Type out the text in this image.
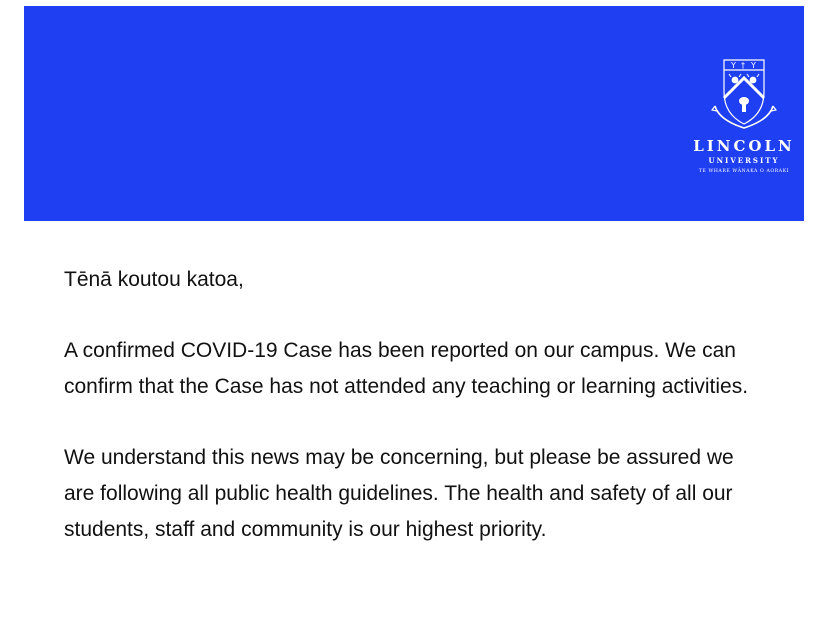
Y † Y
LINCOLN
UNIVERSITY
TE WHARE WĀNAKA O AORAKI

Tēnā koutou katoa,

A confirmed COVID-19 Case has been reported on our campus. We can confirm that the Case has not attended any teaching or learning activities.

We understand this news may be concerning, but please be assured we are following all public health guidelines. The health and safety of all our students, staff and community is our highest priority.
